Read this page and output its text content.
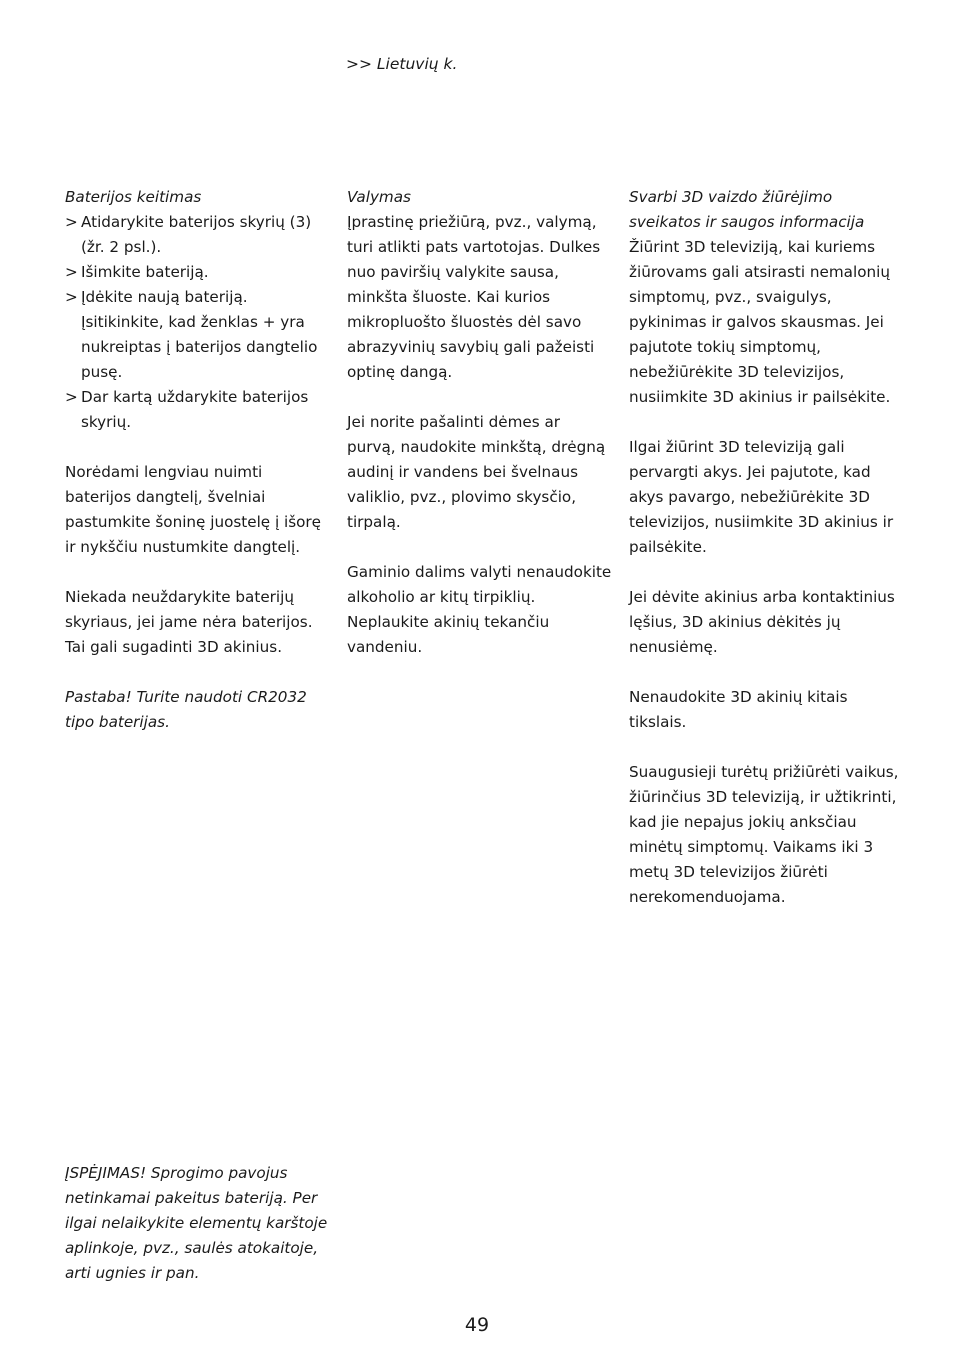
>> Lietuvių k.

Baterijos keitimas
> Atidarykite baterijos skyrių (3) (žr. 2 psl.).
> Išimkite bateriją.
> Įdėkite naują bateriją. Įsitikinkite, kad ženklas + yra nukreiptas į baterijos dangtelio pusę.
> Dar kartą uždarykite baterijos skyrių.

Norėdami lengviau nuimti baterijos dangtelį, švelniai pastumkite šoninę juostelę į išorę ir nykščiu nustumkite dangtelį.

Niekada neuždarykite baterijų skyriaus, jei jame nėra baterijos. Tai gali sugadinti 3D akinius.

Pastaba! Turite naudoti CR2032 tipo baterijas.

Valymas

Įprastinę priežiūrą, pvz., valymą, turi atlikti pats vartotojas. Dulkes nuo paviršių valykite sausa, minkšta šluoste. Kai kurios mikropluošto šluostės dėl savo abrazyvinių savybių gali pažeisti optinę dangą.

Jei norite pašalinti dėmes ar purvą, naudokite minkštą, drėgną audinį ir vandens bei švelnaus valiklio, pvz., plovimo skysčio, tirpalą.

Gaminio dalims valyti nenaudokite alkoholio ar kitų tirpiklių. Neplaukite akinių tekančiu vandeniu.

Svarbi 3D vaizdo žiūrėjimo sveikatos ir saugos informacija

Žiūrint 3D televiziją, kai kuriems žiūrovams gali atsirasti nemalonių simptomų, pvz., svaigulys, pykinimas ir galvos skausmas. Jei pajutote tokių simptomų, nebežiūrėkite 3D televizijos, nusiimkite 3D akinius ir pailsėkite.

Ilgai žiūrint 3D televiziją gali pervargti akys. Jei pajutote, kad akys pavargo, nebežiūrėkite 3D televizijos, nusiimkite 3D akinius ir pailsėkite.

Jei dėvite akinius arba kontaktinius lęšius, 3D akinius dėkitės jų nenusiėmę.

Nenaudokite 3D akinių kitais tikslais.

Suaugusieji turėtų prižiūrėti vaikus, žiūrinčius 3D televiziją, ir užtikrinti, kad jie nepajus jokių anksčiau minėtų simptomų. Vaikams iki 3 metų 3D televizijos žiūrėti nerekomenduojama.

ĮSPĖJIMAS! Sprogimo pavojus netinkamai pakeitus bateriją. Per ilgai nelaikykite elementų karštoje aplinkoje, pvz., saulės atokaitoje, arti ugnies ir pan.

49
